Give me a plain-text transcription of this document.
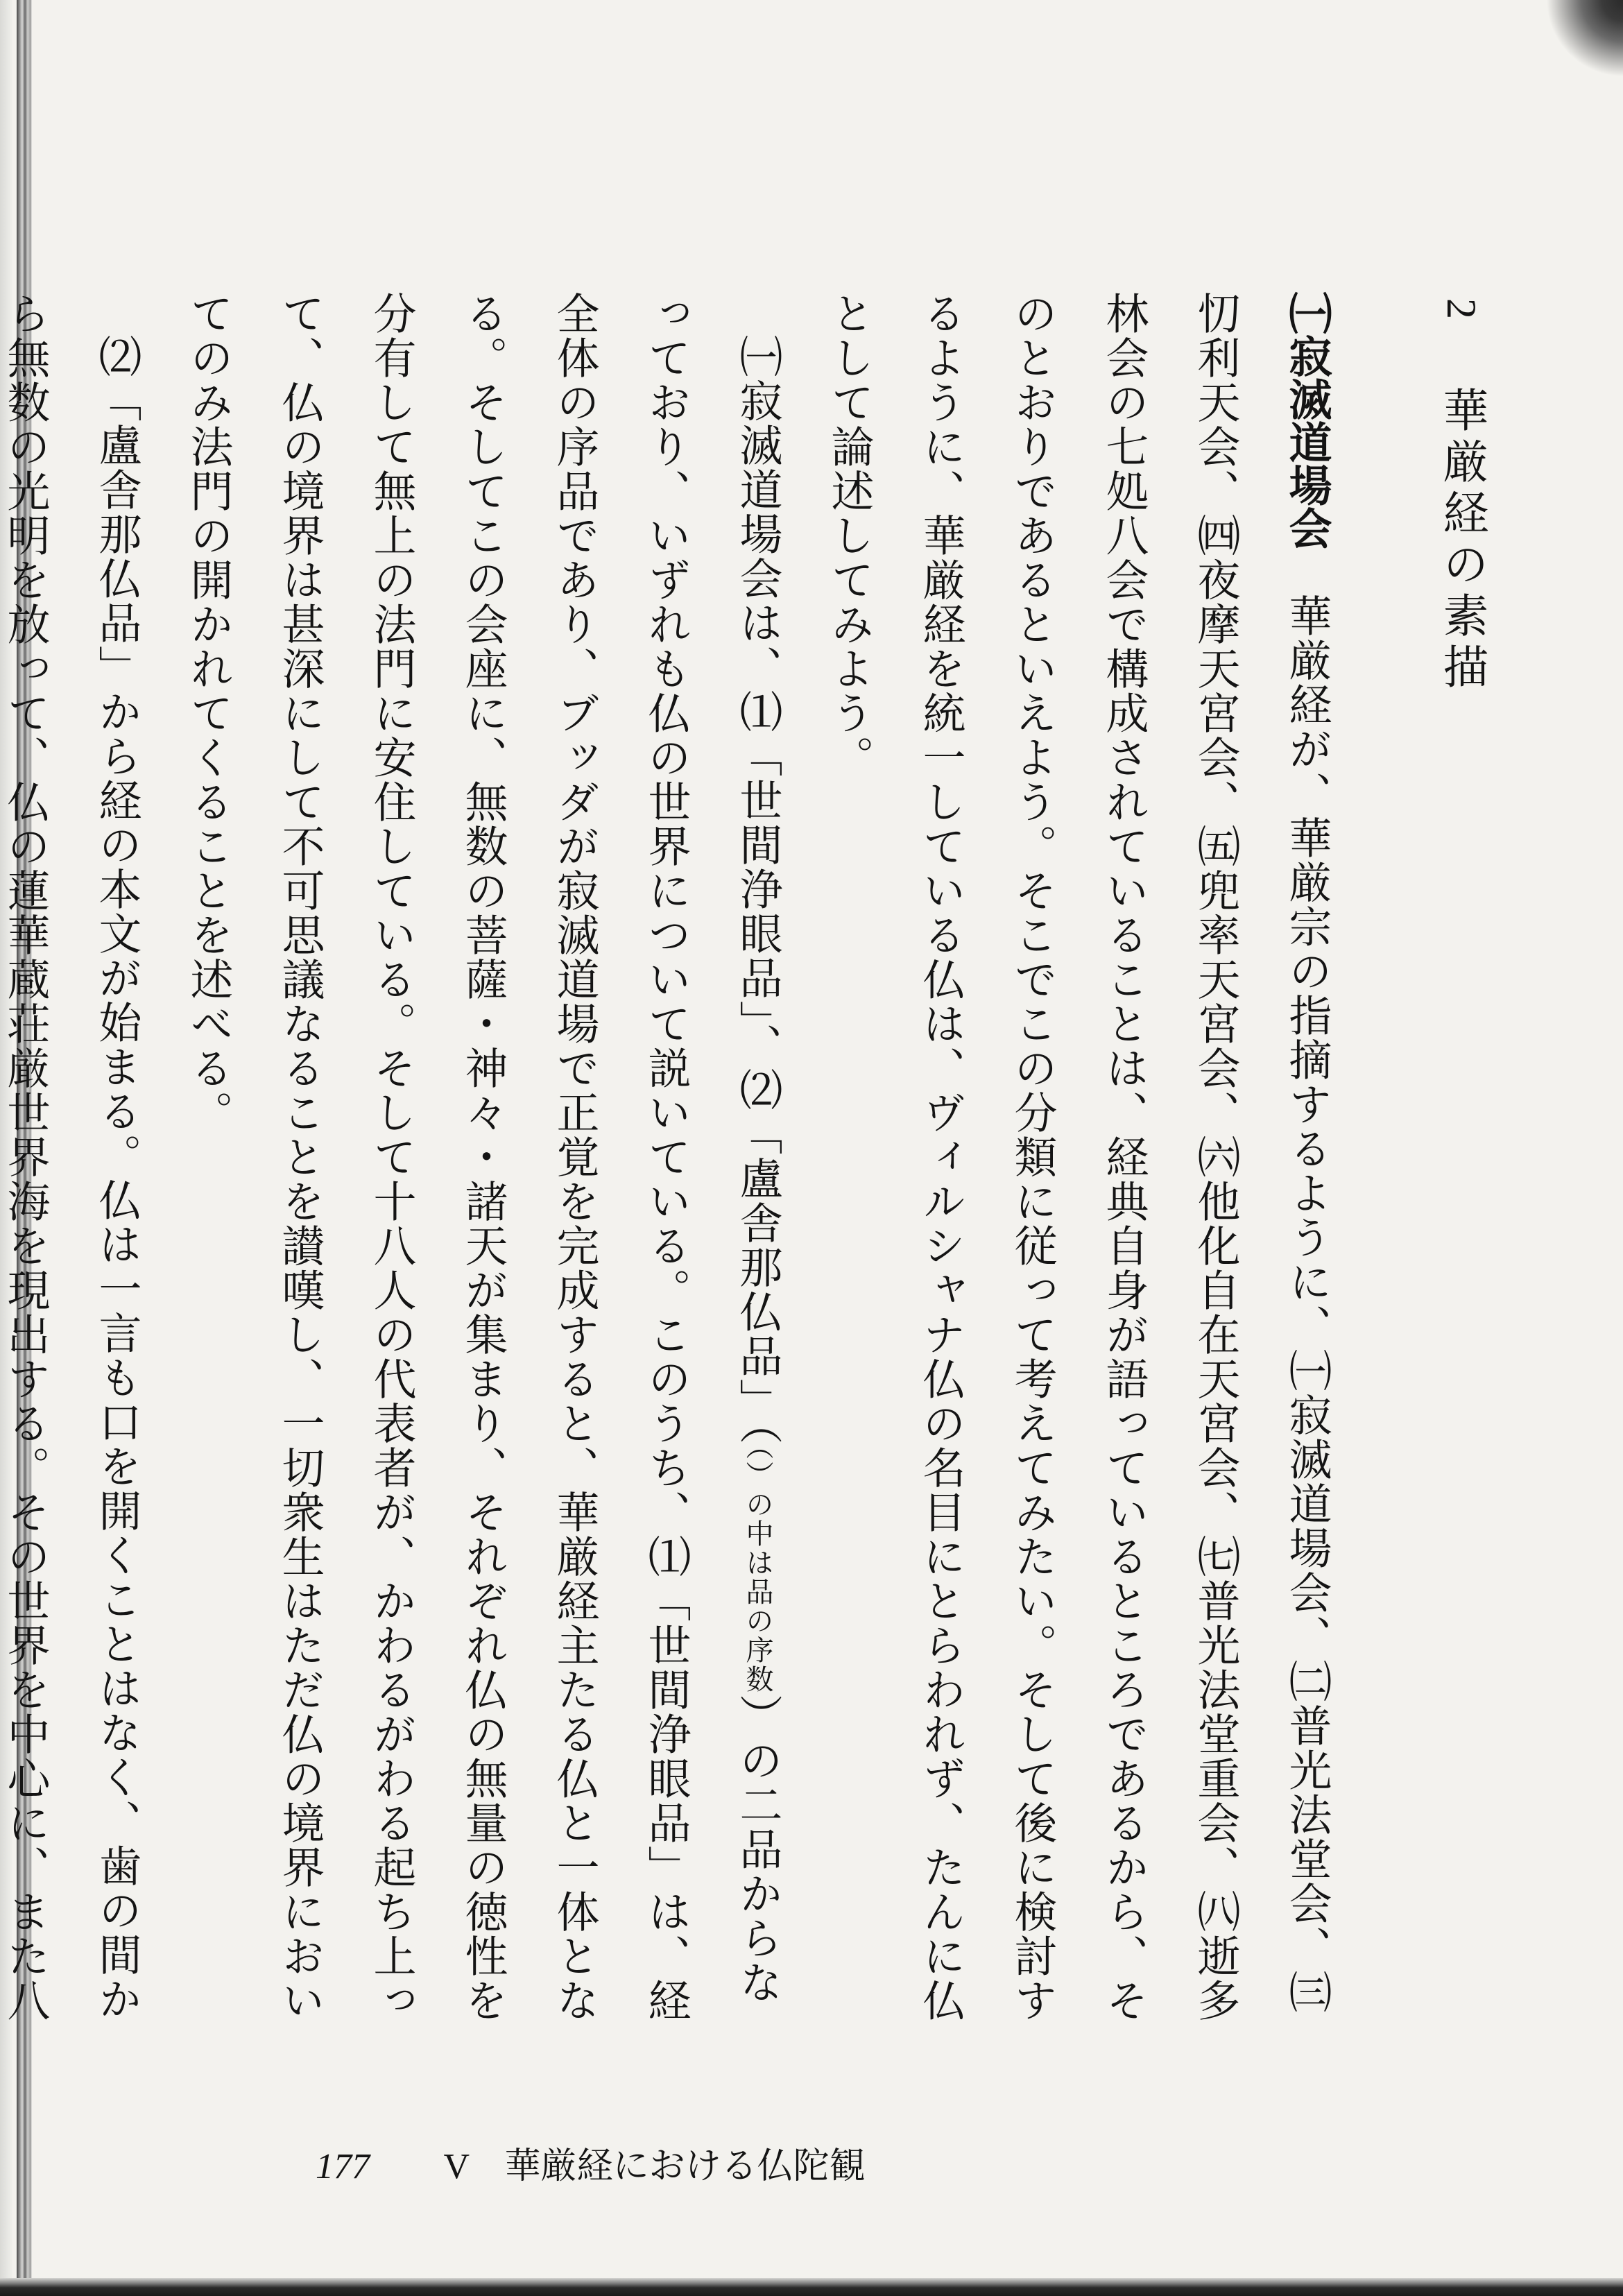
2 華厳経の素描

㈠寂滅道場会　華厳経が、華厳宗の指摘するように、㈠寂滅道場会、㈡普光法堂会、㈢忉利天会、㈣夜摩天宮会、㈤兜率天宮会、㈥他化自在天宮会、㈦普光法堂重会、㈧逝多林会の七処八会で構成されていることは、経典自身が語っているところであるから、そのとおりであるといえよう。そこでこの分類に従って考えてみたい。そして後に検討するように、華厳経を統一している仏は、ヴィルシャナ仏の名目にとらわれず、たんに仏として論述してみよう。

㈠寂滅道場会は、⑴「世間浄眼品」、⑵「盧舎那仏品」（（）の中は品の序数）の二品からなっており、いずれも仏の世界について説いている。このうち、⑴「世間浄眼品」は、経全体の序品であり、ブッダが寂滅道場で正覚を完成すると、華厳経主たる仏と一体となる。そしてこの会座に、無数の菩薩・神々・諸天が集まり、それぞれ仏の無量の徳性を分有して無上の法門に安住している。そして十八人の代表者が、かわるがわる起ち上って、仏の境界は甚深にして不可思議なることを讃嘆し、一切衆生はただ仏の境界においてのみ法門の開かれてくることを述べる。

⑵「盧舎那仏品」から経の本文が始まる。仏は一言も口を開くことはなく、歯の間から無数の光明を放って、仏の蓮華蔵荘厳世界海を現出する。その世界を中心に、また八

177 V 華厳経における仏陀観
